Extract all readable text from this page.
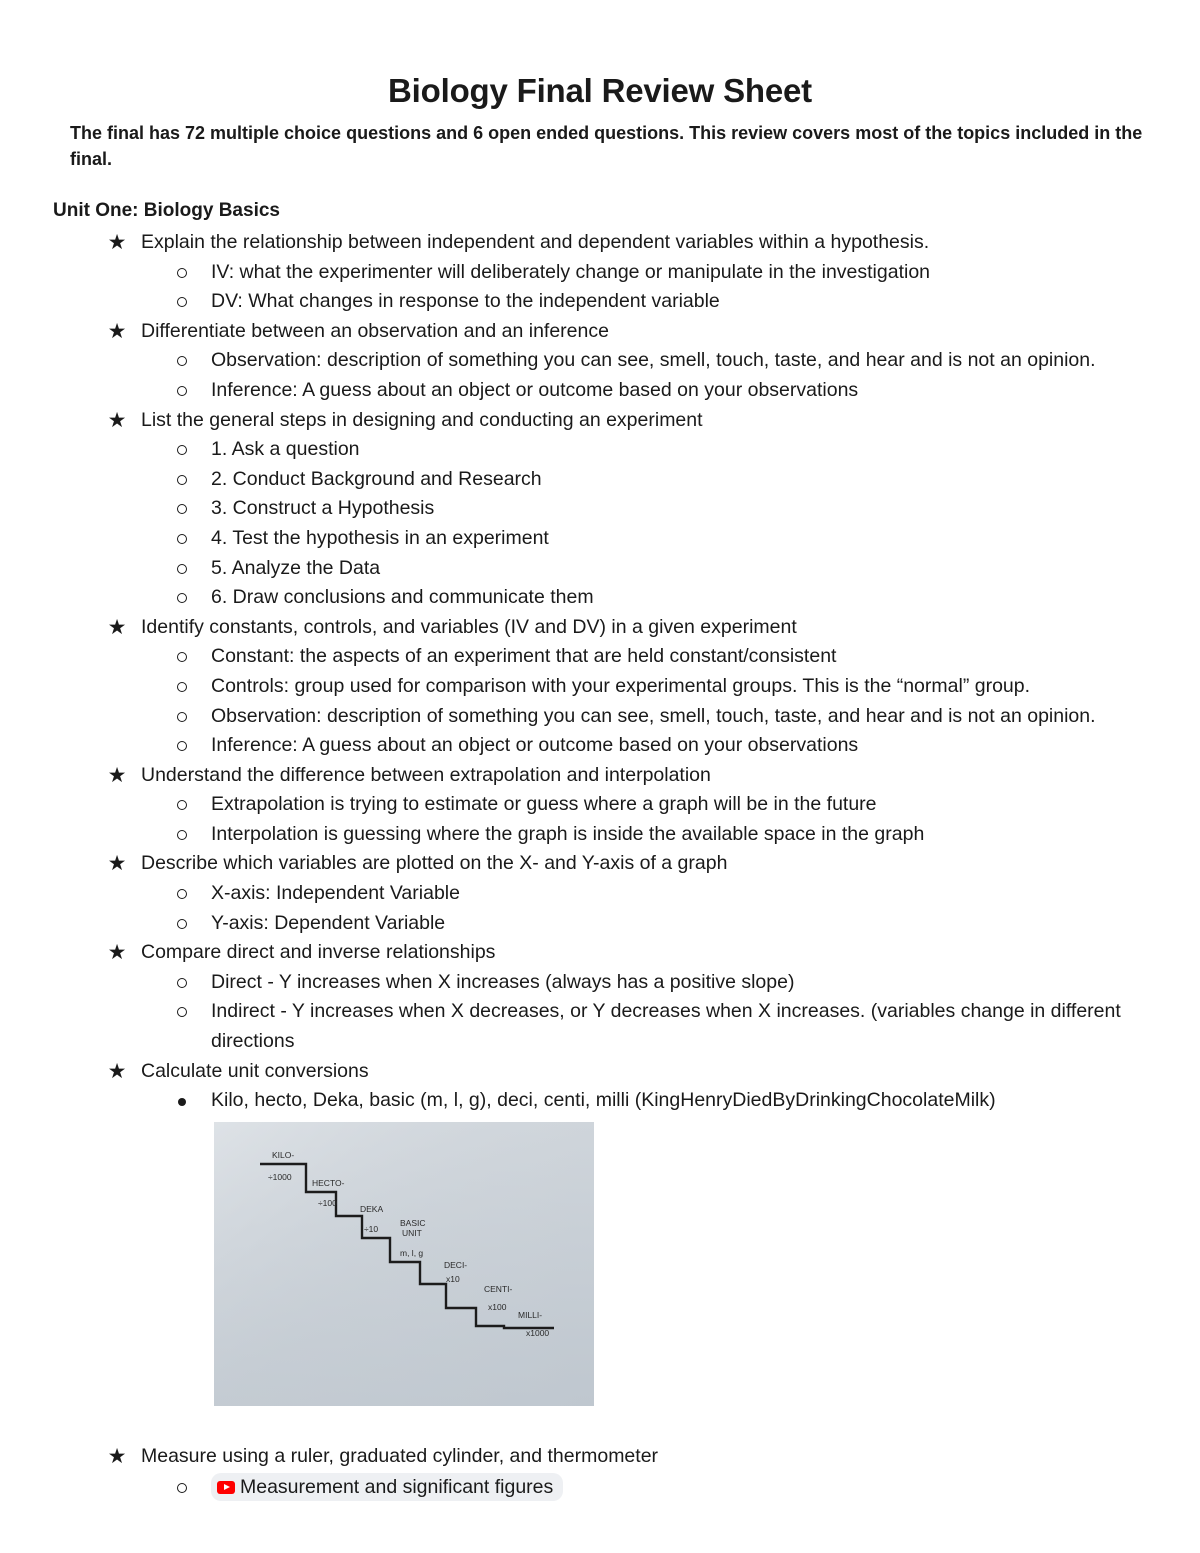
Biology Final Review Sheet
The final has 72 multiple choice questions and 6 open ended questions. This review covers most of the topics included in the final.
Unit One: Biology Basics
★ Explain the relationship between independent and dependent variables within a hypothesis.
IV: what the experimenter will deliberately change or manipulate in the investigation
DV: What changes in response to the independent variable
★ Differentiate between an observation and an inference
Observation: description of something you can see, smell, touch, taste, and hear and is not an opinion.
Inference: A guess about an object or outcome based on your observations
★ List the general steps in designing and conducting an experiment
1. Ask a question
2. Conduct Background and Research
3. Construct a Hypothesis
4. Test the hypothesis in an experiment
5. Analyze the Data
6. Draw conclusions and communicate them
★ Identify constants, controls, and variables (IV and DV) in a given experiment
Constant: the aspects of an experiment that are held constant/consistent
Controls: group used for comparison with your experimental groups. This is the “normal” group.
Observation: description of something you can see, smell, touch, taste, and hear and is not an opinion.
Inference: A guess about an object or outcome based on your observations
★ Understand the difference between extrapolation and interpolation
Extrapolation is trying to estimate or guess where a graph will be in the future
Interpolation is guessing where the graph is inside the available space in the graph
★ Describe which variables are plotted on the X- and Y-axis of a graph
X-axis: Independent Variable
Y-axis: Dependent Variable
★ Compare direct and inverse relationships
Direct - Y increases when X increases (always has a positive slope)
Indirect - Y increases when X decreases, or Y decreases when X increases. (variables change in different directions
★ Calculate unit conversions
Kilo, hecto, Deka, basic (m, l, g), deci, centi, milli (KingHenryDiedByDrinkingChocolateMilk)
KILO-
÷1000
HECTO-
÷100
DEKA
÷10
BASIC
UNIT
m, l, g
DECI-
x10
CENTI-
x100
MILLI-
x1000
★ Measure using a ruler, graduated cylinder, and thermometer
Measurement and significant figures
